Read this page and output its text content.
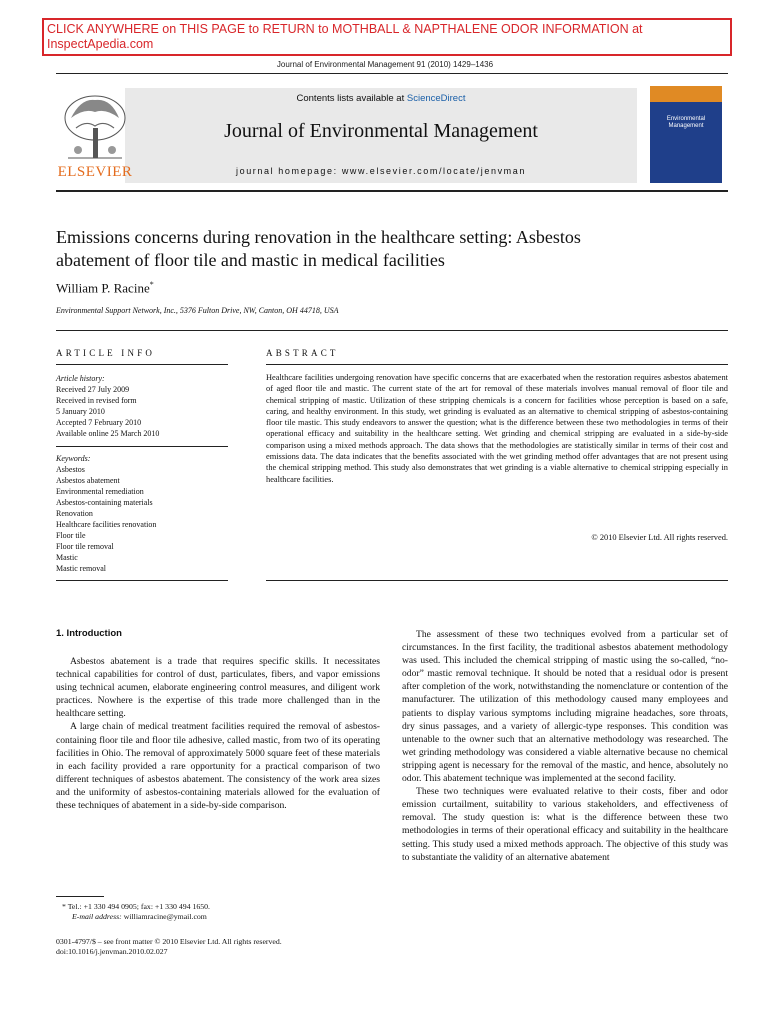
CLICK ANYWHERE on THIS PAGE to RETURN to MOTHBALL & NAPTHALENE ODOR INFORMATION at InspectApedia.com
Journal of Environmental Management 91 (2010) 1429–1436
ELSEVIER
Contents lists available at ScienceDirect
Journal of Environmental Management
journal homepage: www.elsevier.com/locate/jenvman
Environmental
Management
Emissions concerns during renovation in the healthcare setting: Asbestos
abatement of floor tile and mastic in medical facilities
William P. Racine*
Environmental Support Network, Inc., 5376 Fulton Drive, NW, Canton, OH 44718, USA
ARTICLE INFO	ABSTRACT
Article history:
Received 27 July 2009
Received in revised form
5 January 2010
Accepted 7 February 2010
Available online 25 March 2010
Keywords:
Asbestos
Asbestos abatement
Environmental remediation
Asbestos-containing materials
Renovation
Healthcare facilities renovation
Floor tile
Floor tile removal
Mastic
Mastic removal
Healthcare facilities undergoing renovation have specific concerns that are exacerbated when the restoration requires asbestos abatement of aged floor tile and mastic. The current state of the art for removal of these materials involves manual removal of floor tile and chemical stripping of mastic. Utilization of these stripping chemicals is a concern for facilities whose perception is based on a safe, caring, and healthy environment. In this study, wet grinding is evaluated as an alternative to chemical stripping of asbestos-containing floor tile mastic. This study endeavors to answer the question; what is the difference between these two methodologies in terms of their operational efficacy and suitability in the healthcare setting. Wet grinding and chemical stripping are evaluated in a side-by-side comparison using a mixed methods approach. The data shows that the methodologies are statistically similar in terms of their cost and emissions data. The data indicates that the benefits associated with the wet grinding method offer advantages that are not present using the chemical stripping method. This study also demonstrates that wet grinding is a viable alternative to chemical stripping especially in healthcare facilities.
© 2010 Elsevier Ltd. All rights reserved.
1. Introduction

Asbestos abatement is a trade that requires specific skills. It necessitates technical capabilities for control of dust, particulates, fibers, and vapor emissions using technical acumen, elaborate engineering control measures, and diligent work practices. Nowhere is the expertise of this trade more challenged than in the healthcare setting.

A large chain of medical treatment facilities required the removal of asbestos-containing floor tile and floor tile adhesive, called mastic, from two of its operating facilities in Ohio. The removal of approximately 5000 square feet of these materials in each facility provided a rare opportunity for a practical comparison of two different techniques of asbestos abatement. The consistency of the work area sizes and the uniformity of asbestos-containing materials allowed for the evaluation of these techniques of abatement in a side-by-side comparison.

The assessment of these two techniques evolved from a particular set of circumstances. In the first facility, the traditional asbestos abatement methodology was used. This included the chemical stripping of mastic using the so-called, “no-odor” mastic removal technique. It should be noted that a residual odor is present after completion of the work, notwithstanding the nomenclature or contention of the manufacturer. The utilization of this methodology caused many employees and patients to display various symptoms including migraine headaches, sore throats, dry sinus passages, and a variety of allergic-type responses. This condition was untenable to the owner such that an alternative methodology was researched. The wet grinding methodology was considered a viable alternative because no chemical stripping agent is necessary for the removal of the mastic, and hence, absolutely no odor. This abatement technique was implemented at the second facility.

These two techniques were evaluated relative to their costs, fiber and odor emission curtailment, suitability to various stakeholders, and effectiveness of removal. The study question is: what is the difference between these two methodologies in terms of their operational efficacy and suitability in the healthcare setting. This study used a mixed methods approach. The objective of this study was to substantiate the validity of an alternative abatement

* Tel.: +1 330 494 0905; fax: +1 330 494 1650.
E-mail address: williamracine@ymail.com
0301-4797/$ – see front matter © 2010 Elsevier Ltd. All rights reserved.
doi:10.1016/j.jenvman.2010.02.027
